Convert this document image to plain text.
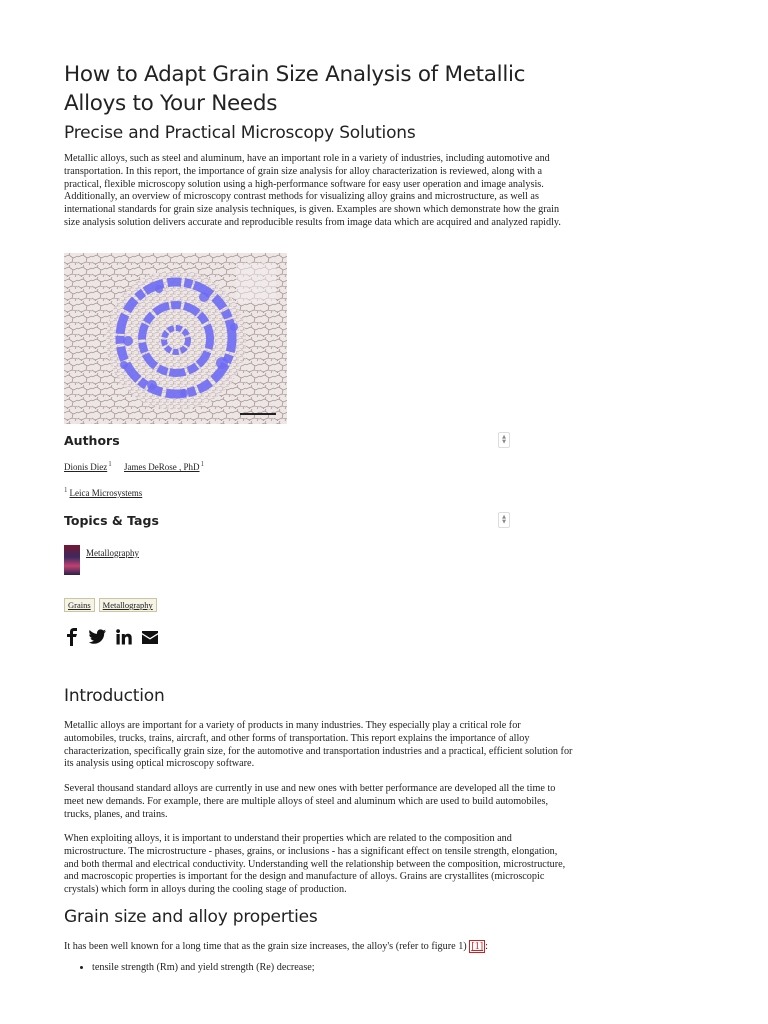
How to Adapt Grain Size Analysis of Metallic Alloys to Your Needs
Precise and Practical Microscopy Solutions

Metallic alloys, such as steel and aluminum, have an important role in a variety of industries, including automotive and transportation. In this report, the importance of grain size analysis for alloy characterization is reviewed, along with a practical, flexible microscopy solution using a high-performance software for easy user operation and image analysis. Additionally, an overview of microscopy contrast methods for visualizing alloy grains and microstructure, as well as international standards for grain size analysis techniques, is given. Examples are shown which demonstrate how the grain size analysis solution delivers accurate and reproducible results from image data which are acquired and analyzed rapidly.

Authors	▲
▼
Dionis Diez$^1$ James DeRose , PhD$^1$
$^1$ Leica Microsystems
Topics & Tags	▲
▼
Metallography
Grains	Metallography
Introduction

Metallic alloys are important for a variety of products in many industries. They especially play a critical role for automobiles, trucks, trains, aircraft, and other forms of transportation. This report explains the importance of alloy characterization, specifically grain size, for the automotive and transportation industries and a practical, efficient solution for its analysis using optical microscopy software.

Several thousand standard alloys are currently in use and new ones with better performance are developed all the time to meet new demands. For example, there are multiple alloys of steel and aluminum which are used to build automobiles, trucks, planes, and trains.

When exploiting alloys, it is important to understand their properties which are related to the composition and microstructure. The microstructure - phases, grains, or inclusions - has a significant effect on tensile strength, elongation, and both thermal and electrical conductivity. Understanding well the relationship between the composition, microstructure, and macroscopic properties is important for the design and manufacture of alloys. Grains are crystallites (microscopic crystals) which form in alloys during the cooling stage of production.

Grain size and alloy properties

It has been well known for a long time that as the grain size increases, the alloy's (refer to figure 1) [1] :

• tensile strength (Rm) and yield strength (Re) decrease;
